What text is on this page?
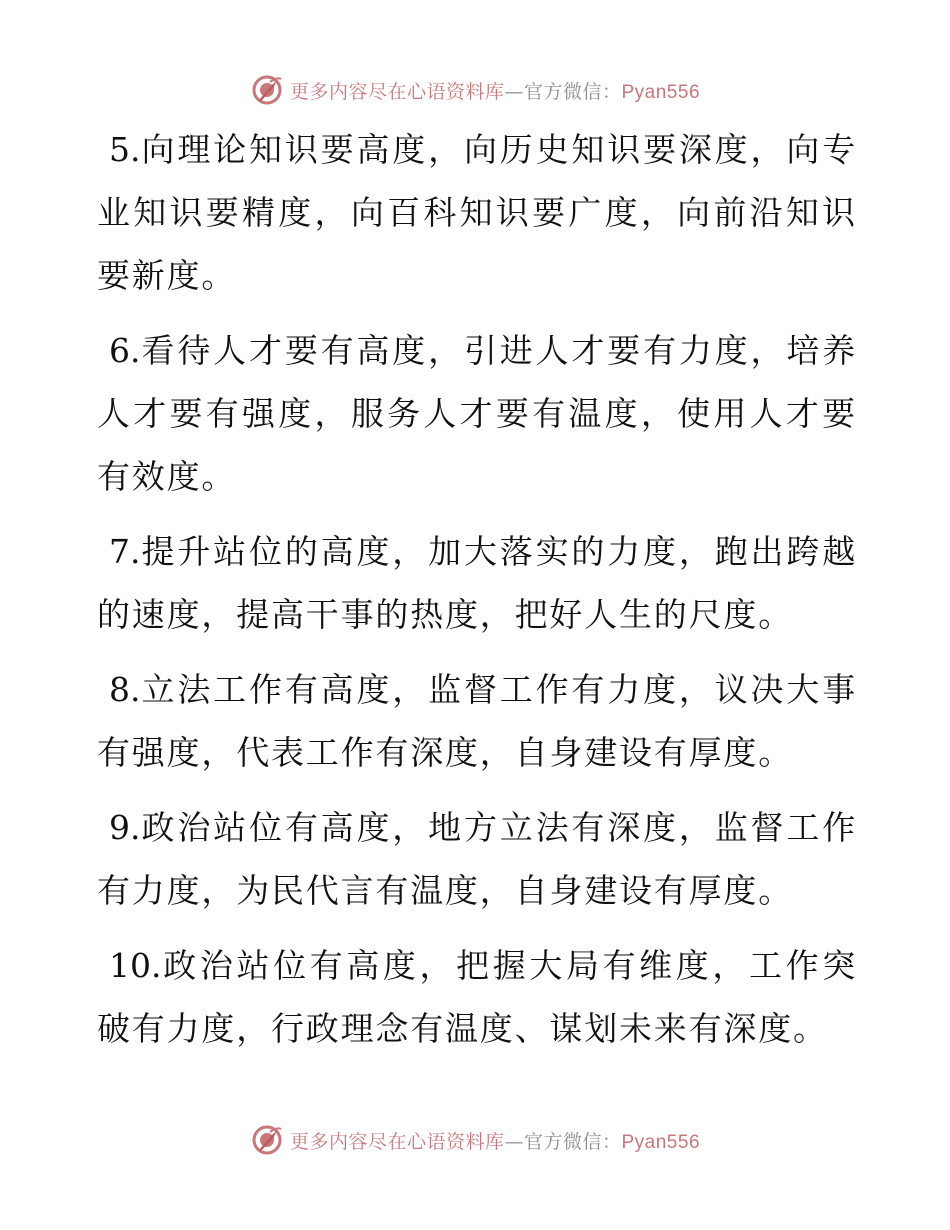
更多内容尽在心语资料库—官方微信：Pyan556

5.向理论知识要高度，向历史知识要深度，向专业知识要精度，向百科知识要广度，向前沿知识要新度。

6.看待人才要有高度，引进人才要有力度，培养人才要有强度，服务人才要有温度，使用人才要有效度。

7.提升站位的高度，加大落实的力度，跑出跨越的速度，提高干事的热度，把好人生的尺度。

8.立法工作有高度，监督工作有力度，议决大事有强度，代表工作有深度，自身建设有厚度。

9.政治站位有高度，地方立法有深度，监督工作有力度，为民代言有温度，自身建设有厚度。

10.政治站位有高度，把握大局有维度，工作突破有力度，行政理念有温度、谋划未来有深度。

更多内容尽在心语资料库—官方微信：Pyan556
